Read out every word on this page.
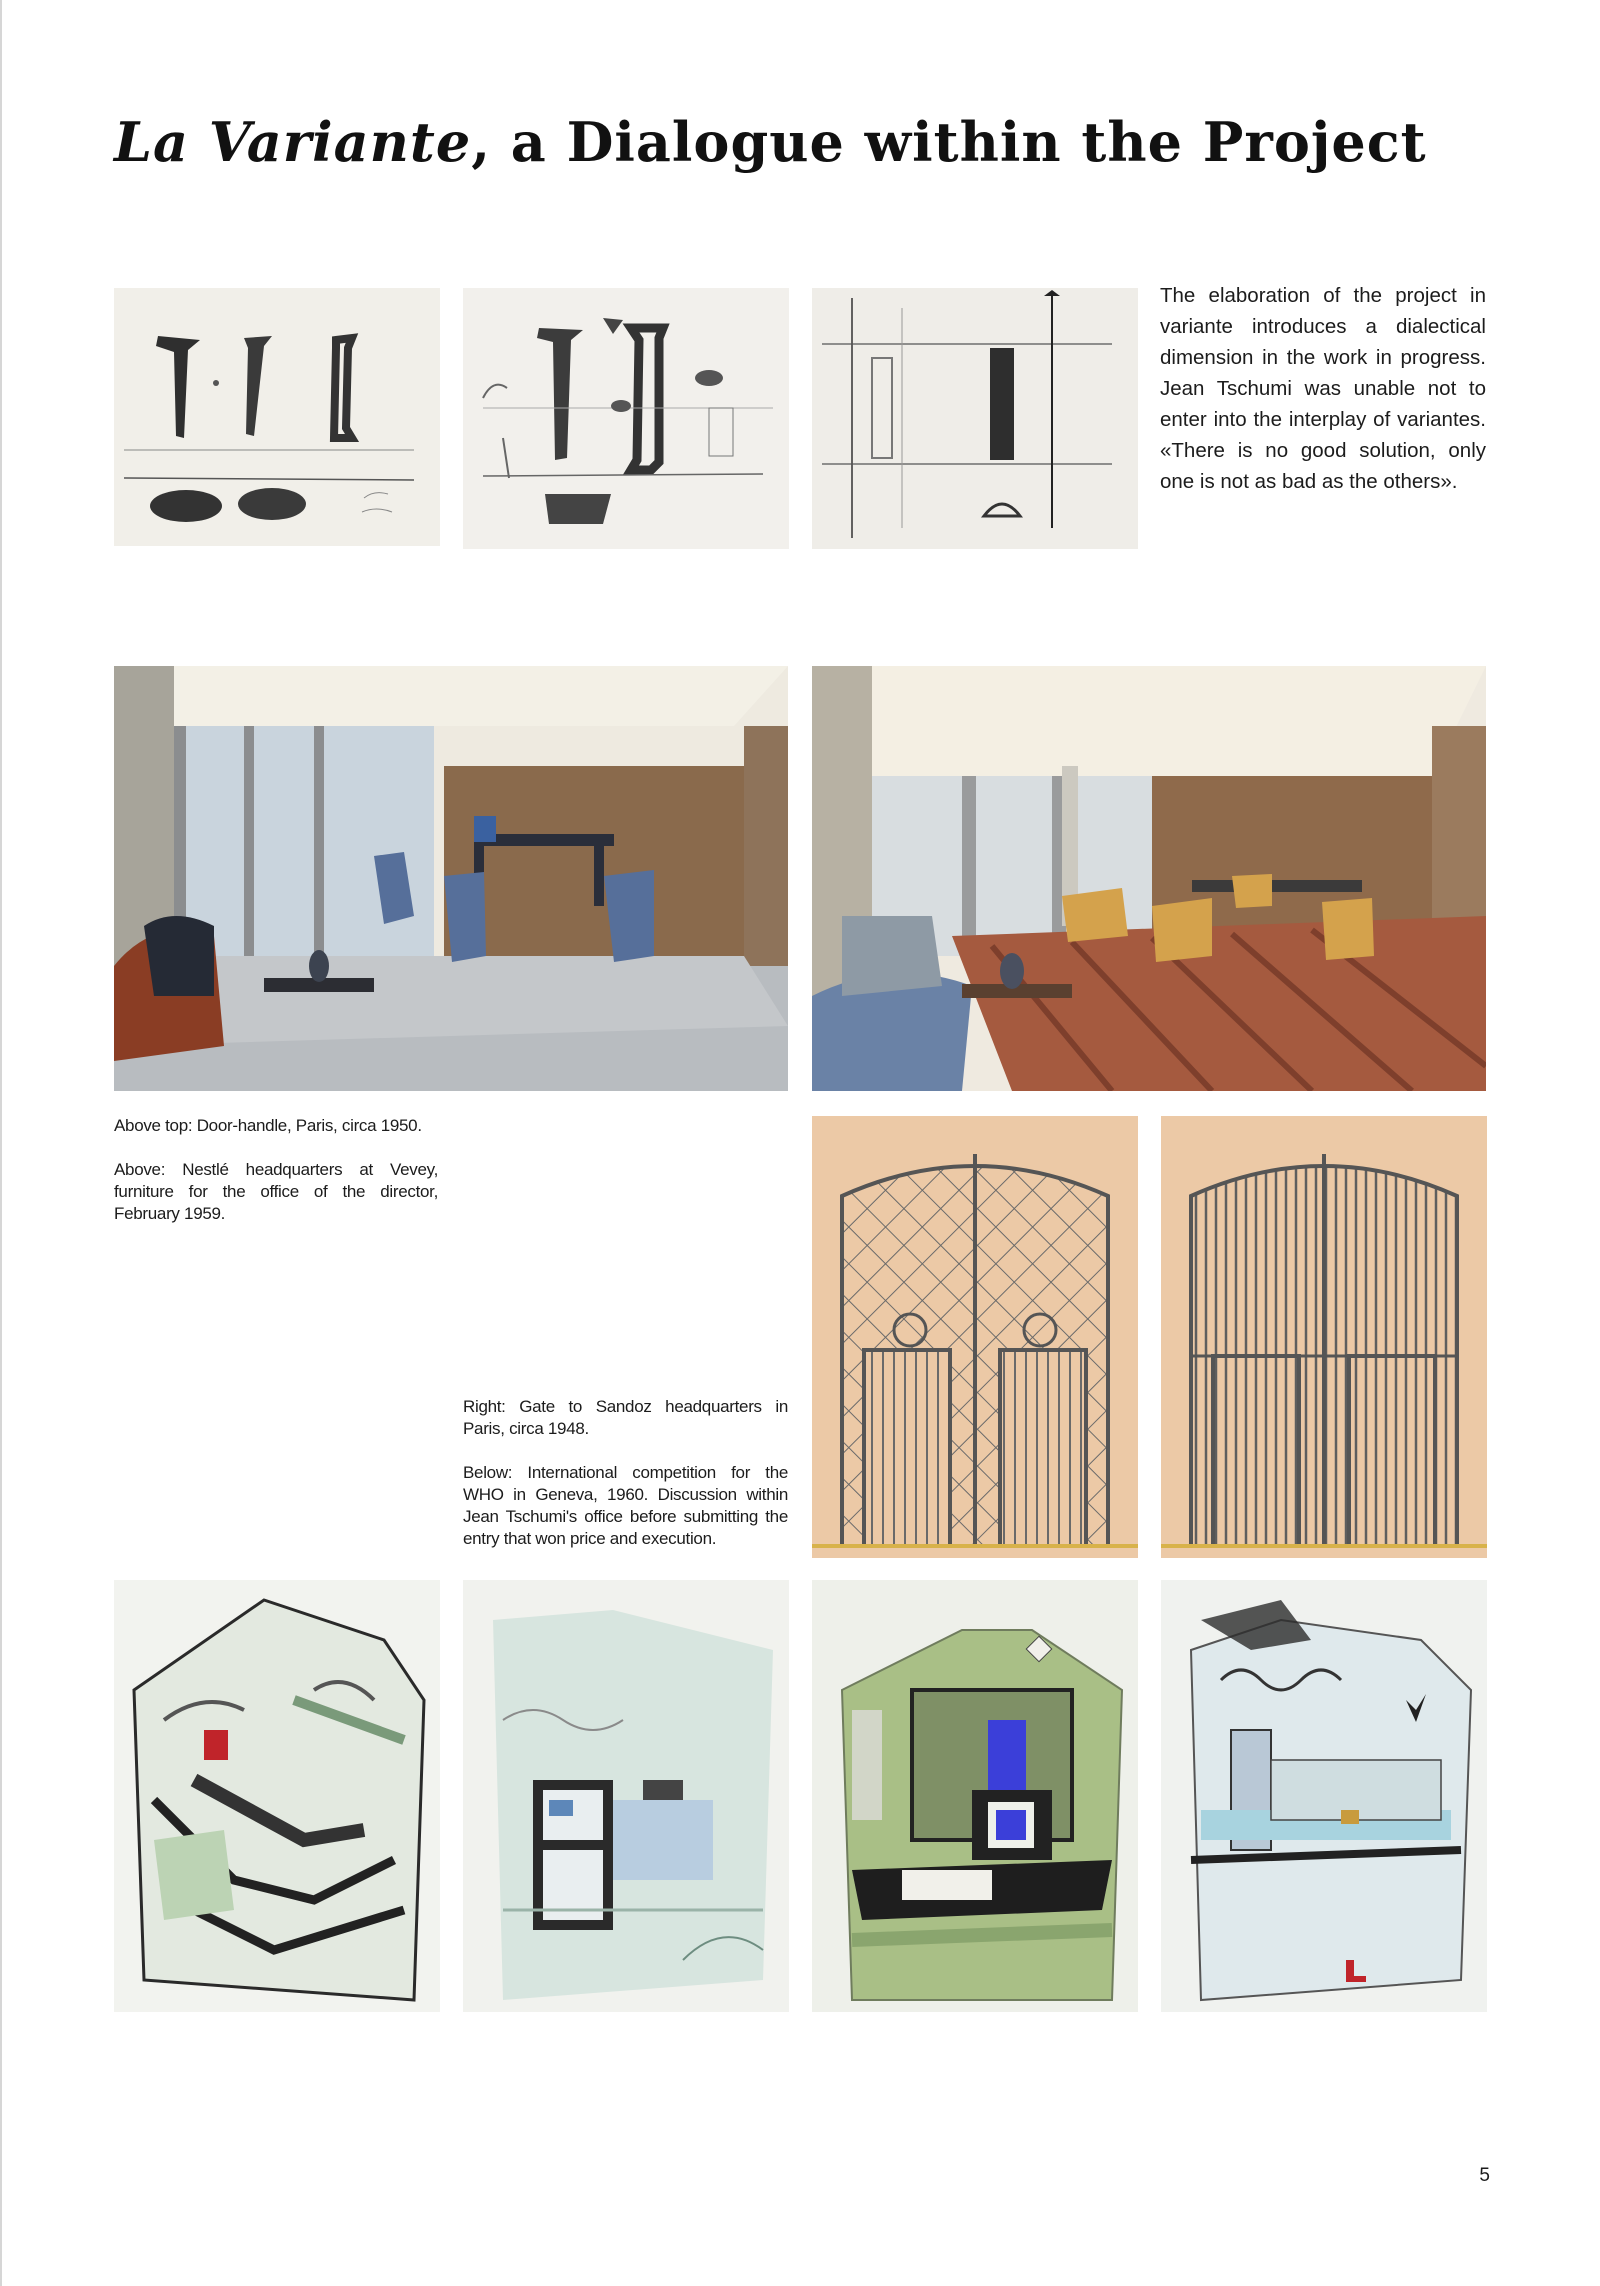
La Variante, a Dialogue within the Project

The elaboration of the project in variante introduces a dialectical dimension in the work in progress. Jean Tschumi was unable not to enter into the interplay of variantes. «There is no good solution, only one is not as bad as the others».

Above top: Door-handle, Paris, circa 1950.
Above: Nestlé headquarters at Vevey, furniture for the office of the director, February 1959.

Right: Gate to Sandoz headquarters in Paris, circa 1948.
Below: International competition for the WHO in Geneva, 1960. Discussion within Jean Tschumi's office before submitting the entry that won price and execution.

5
